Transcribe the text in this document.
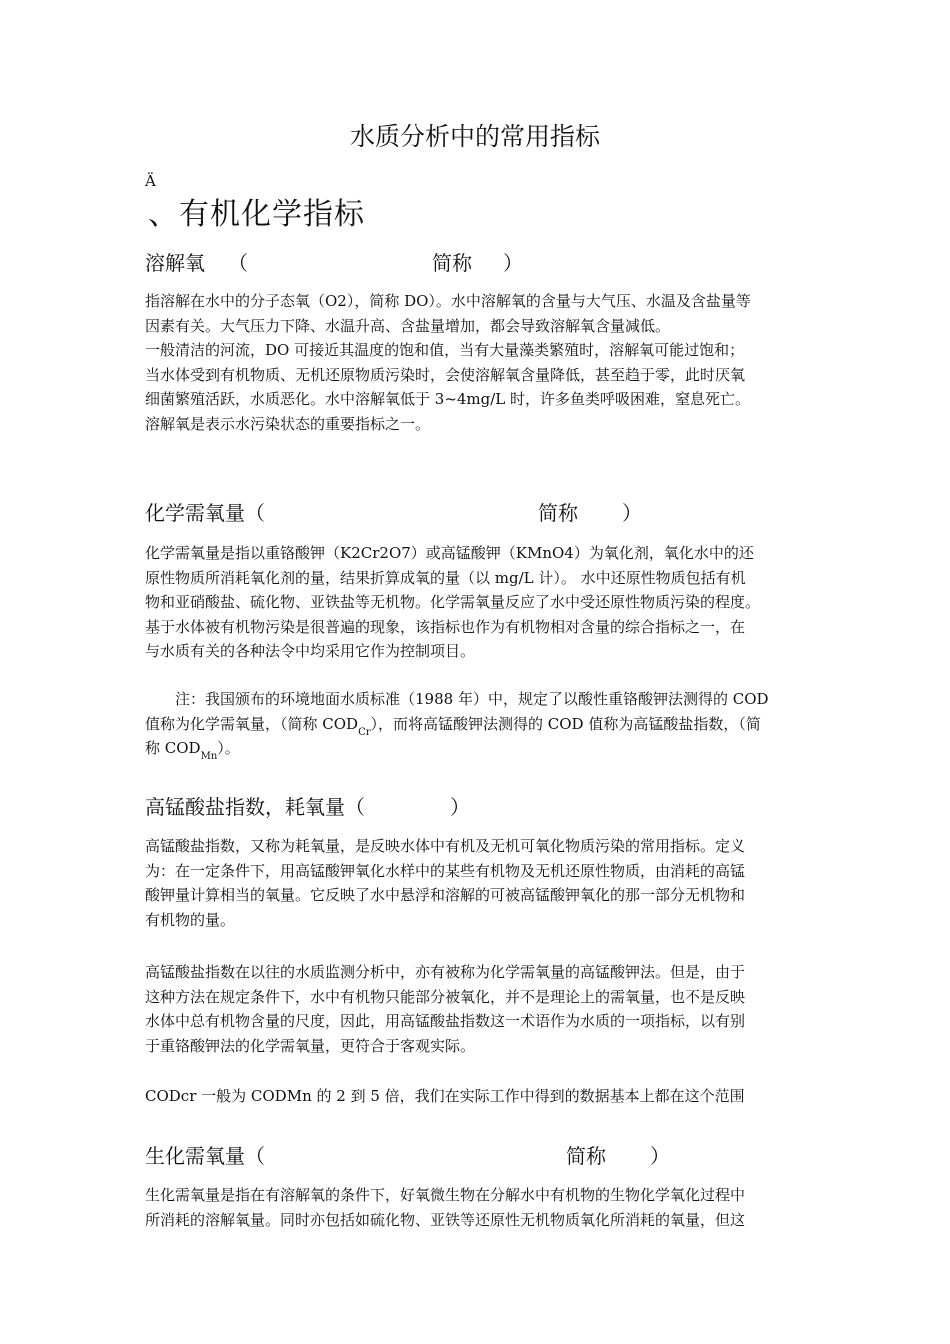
水质分析中的常用指标
Ä
、有机化学指标
溶解氧 （	简称 ）
指溶解在水中的分子态氧（O2），简称 DO）。水中溶解氧的含量与大气压、水温及含盐量等
因素有关。大气压力下降、水温升高、含盐量增加，都会导致溶解氧含量减低。
一般清洁的河流，DO 可接近其温度的饱和值，当有大量藻类繁殖时，溶解氧可能过饱和；
当水体受到有机物质、无机还原物质污染时，会使溶解氧含量降低，甚至趋于零，此时厌氧
细菌繁殖活跃，水质恶化。水中溶解氧低于 3~4mg/L 时，许多鱼类呼吸困难，窒息死亡。
溶解氧是表示水污染状态的重要指标之一。
化学需氧量（	简称 ）
化学需氧量是指以重铬酸钾（K2Cr2O7）或高锰酸钾（KMnO4）为氧化剂，氧化水中的还
原性物质所消耗氧化剂的量，结果折算成氧的量（以 mg/L 计）。 水中还原性物质包括有机
物和亚硝酸盐、硫化物、亚铁盐等无机物。化学需氧量反应了水中受还原性物质污染的程度。
基于水体被有机物污染是很普遍的现象，该指标也作为有机物相对含量的综合指标之一，在
与水质有关的各种法令中均采用它作为控制项目。
注：我国颁布的环境地面水质标准（1988 年）中，规定了以酸性重铬酸钾法测得的 COD
值称为化学需氧量，（简称 $COD_{Cr}$），而将高锰酸钾法测得的 COD 值称为高锰酸盐指数，（简
称 $COD_{Mn}$）。
高锰酸盐指数，耗氧量（	）
高锰酸盐指数，又称为耗氧量，是反映水体中有机及无机可氧化物质污染的常用指标。定义
为：在一定条件下，用高锰酸钾氧化水样中的某些有机物及无机还原性物质，由消耗的高锰
酸钾量计算相当的氧量。它反映了水中悬浮和溶解的可被高锰酸钾氧化的那一部分无机物和
有机物的量。
高锰酸盐指数在以往的水质监测分析中，亦有被称为化学需氧量的高锰酸钾法。但是，由于
这种方法在规定条件下，水中有机物只能部分被氧化，并不是理论上的需氧量，也不是反映
水体中总有机物含量的尺度，因此，用高锰酸盐指数这一术语作为水质的一项指标，以有别
于重铬酸钾法的化学需氧量，更符合于客观实际。
CODcr 一般为 CODMn 的 2 到 5 倍，我们在实际工作中得到的数据基本上都在这个范围
生化需氧量（	简称 ）
生化需氧量是指在有溶解氧的条件下，好氧微生物在分解水中有机物的生物化学氧化过程中
所消耗的溶解氧量。同时亦包括如硫化物、亚铁等还原性无机物质氧化所消耗的氧量，但这
